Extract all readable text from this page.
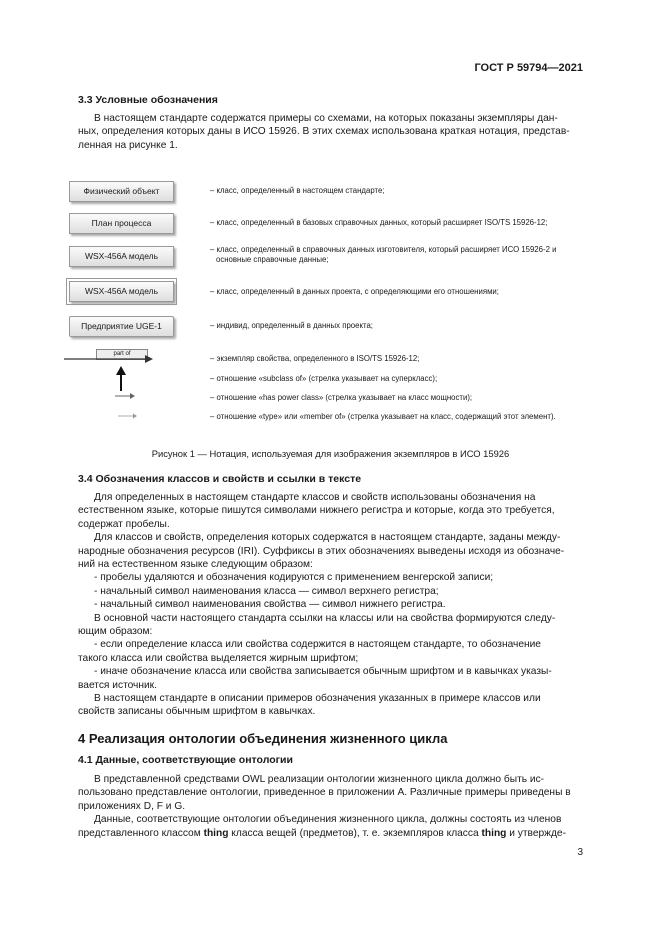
ГОСТ Р 59794—2021
3.3 Условные обозначения
В настоящем стандарте содержатся примеры со схемами, на которых показаны экземпляры дан-
ных, определения которых даны в ИСО 15926. В этих схемах использована краткая нотация, представ-
ленная на рисунке 1.
Физический объект
План процесса
WSX-456A модель
WSX-456A модель
Предприятие UGE-1
part of
– класс, определенный в настоящем стандарте;
– класс, определенный в базовых справочных данных, который расширяет ISO/TS 15926-12;
– класс, определенный в справочных данных изготовителя, который расширяет ИСО 15926-2 и
основные справочные данные;
– класс, определенный в данных проекта, с определяющими его отношениями;
– индивид, определенный в данных проекта;
– экземпляр свойства, определенного в ISO/TS 15926-12;
– отношение «subclass of» (стрелка указывает на суперкласс);
– отношение «has power class» (стрелка указывает на класс мощности);
– отношение «type» или «member of» (стрелка указывает на класс, содержащий этот элемент).
Рисунок 1 — Нотация, используемая для изображения экземпляров в ИСО 15926
3.4 Обозначения классов и свойств и ссылки в тексте
Для определенных в настоящем стандарте классов и свойств использованы обозначения на
естественном языке, которые пишутся символами нижнего регистра и которые, когда это требуется,
содержат пробелы.
Для классов и свойств, определения которых содержатся в настоящем стандарте, заданы между-
народные обозначения ресурсов (IRI). Суффиксы в этих обозначениях выведены исходя из обозначе-
ний на естественном языке следующим образом:
- пробелы удаляются и обозначения кодируются с применением венгерской записи;
- начальный символ наименования класса — символ верхнего регистра;
- начальный символ наименования свойства — символ нижнего регистра.
В основной части настоящего стандарта ссылки на классы или на свойства формируются следу-
ющим образом:
- если определение класса или свойства содержится в настоящем стандарте, то обозначение
такого класса или свойства выделяется жирным шрифтом;
- иначе обозначение класса или свойства записывается обычным шрифтом и в кавычках указы-
вается источник.
В настоящем стандарте в описании примеров обозначения указанных в примере классов или
свойств записаны обычным шрифтом в кавычках.
4 Реализация онтологии объединения жизненного цикла
4.1 Данные, соответствующие онтологии
В представленной средствами OWL реализации онтологии жизненного цикла должно быть ис-
пользовано представление онтологии, приведенное в приложении A. Различные примеры приведены в
приложениях D, F и G.
Данные, соответствующие онтологии объединения жизненного цикла, должны состоять из членов
представленного классом thing класса вещей (предметов), т. е. экземпляров класса thing и утвержде-
3
